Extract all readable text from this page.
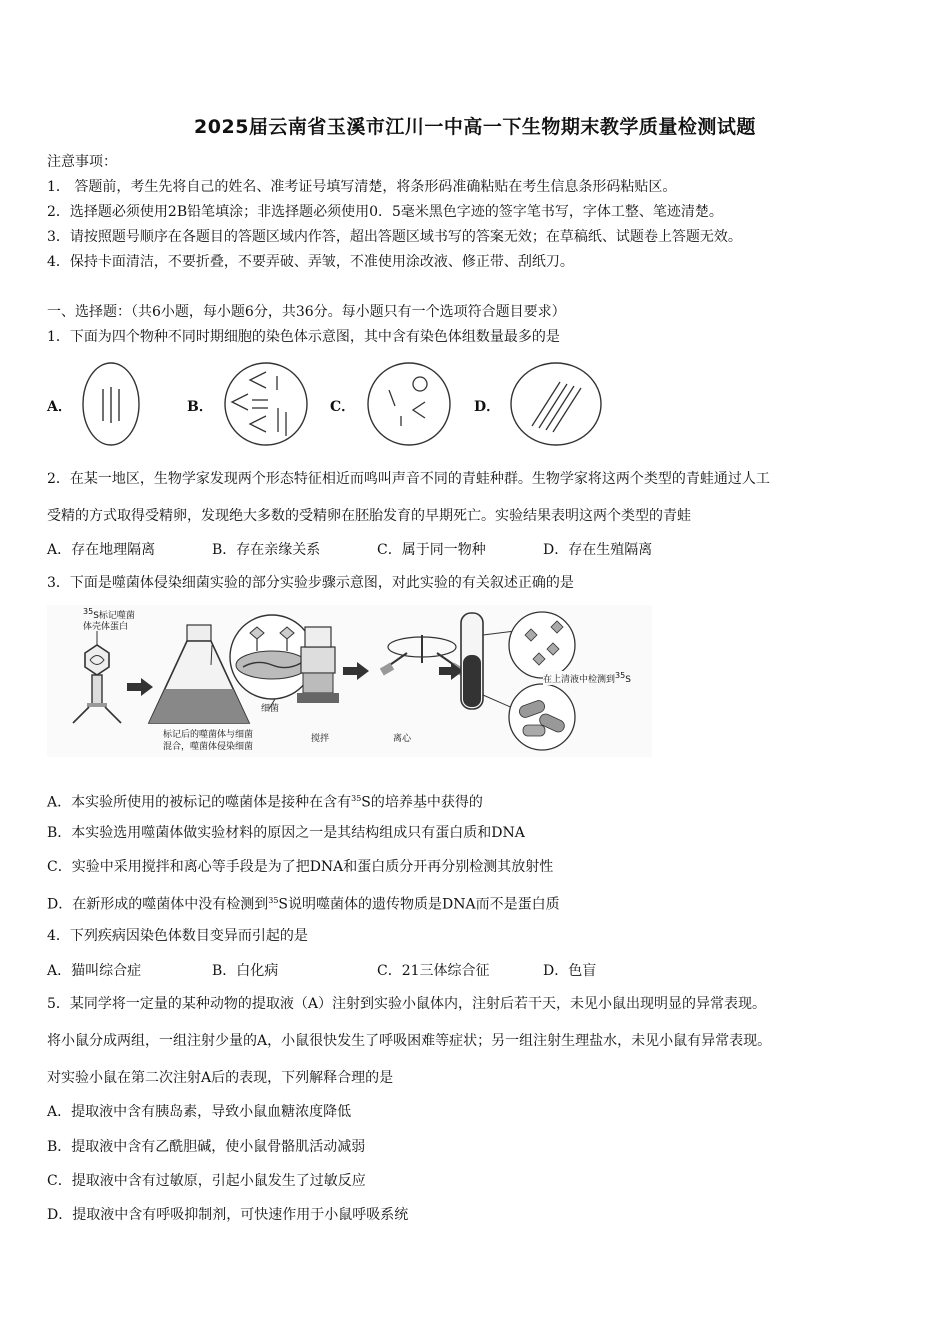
2025届云南省玉溪市江川一中高一下生物期末教学质量检测试题
注意事项：
1． 答题前，考生先将自己的姓名、准考证号填写清楚，将条形码准确粘贴在考生信息条形码粘贴区。
2．选择题必须使用2B铅笔填涂；非选择题必须使用0．5毫米黑色字迹的签字笔书写，字体工整、笔迹清楚。
3．请按照题号顺序在各题目的答题区域内作答，超出答题区域书写的答案无效；在草稿纸、试题卷上答题无效。
4．保持卡面清洁，不要折叠，不要弄破、弄皱，不准使用涂改液、修正带、刮纸刀。
一、选择题：（共6小题，每小题6分，共36分。每小题只有一个选项符合题目要求）
1．下面为四个物种不同时期细胞的染色体示意图，其中含有染色体组数量最多的是
A．	B．	C．	D．
2．在某一地区，生物学家发现两个形态特征相近而鸣叫声音不同的青蛙种群。生物学家将这两个类型的青蛙通过人工
受精的方式取得受精卵，发现绝大多数的受精卵在胚胎发育的早期死亡。实验结果表明这两个类型的青蛙
A．存在地理隔离	B．存在亲缘关系	C．属于同一物种	D．存在生殖隔离
3．下面是噬菌体侵染细菌实验的部分实验步骤示意图，对此实验的有关叙述正确的是
$^{35}$S标记噬菌
体壳体蛋白
细菌
标记后的噬菌体与细菌
混合，噬菌体侵染细菌
搅拌	离心
在上清液中检测到$^{35}$S
A．本实验所使用的被标记的噬菌体是接种在含有$^{35}$S的培养基中获得的
B．本实验选用噬菌体做实验材料的原因之一是其结构组成只有蛋白质和DNA
C．实验中采用搅拌和离心等手段是为了把DNA和蛋白质分开再分别检测其放射性
D．在新形成的噬菌体中没有检测到$^{35}$S说明噬菌体的遗传物质是DNA而不是蛋白质
4．下列疾病因染色体数目变异而引起的是
A．猫叫综合症	B．白化病	C．21三体综合征	D．色盲
5．某同学将一定量的某种动物的提取液（A）注射到实验小鼠体内，注射后若干天，未见小鼠出现明显的异常表现。
将小鼠分成两组，一组注射少量的A，小鼠很快发生了呼吸困难等症状；另一组注射生理盐水，未见小鼠有异常表现。
对实验小鼠在第二次注射A后的表现，下列解释合理的是
A．提取液中含有胰岛素，导致小鼠血糖浓度降低
B．提取液中含有乙酰胆碱，使小鼠骨骼肌活动减弱
C．提取液中含有过敏原，引起小鼠发生了过敏反应
D．提取液中含有呼吸抑制剂，可快速作用于小鼠呼吸系统
